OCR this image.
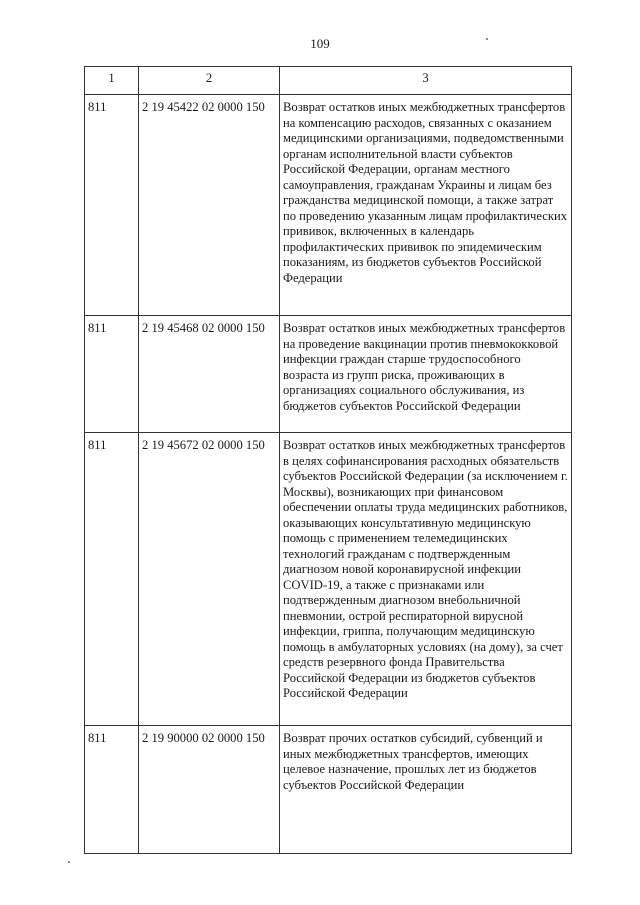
109
1	2	3
811	2 19 45422 02 0000 150	Возврат остатков иных межбюджетных трансфертов на компенсацию расходов, связанных с оказанием медицинскими организациями, подведомственными органам исполнительной власти субъектов Российской Федерации, органам местного самоуправления, гражданам Украины и лицам без гражданства медицинской помощи, а также затрат по проведению указанным лицам профилактических прививок, включенных в календарь профилактических прививок по эпидемическим показаниям, из бюджетов субъектов Российской Федерации
811	2 19 45468 02 0000 150	Возврат остатков иных межбюджетных трансфертов на проведение вакцинации против пневмококковой инфекции граждан старше трудоспособного возраста из групп риска, проживающих в организациях социального обслуживания, из бюджетов субъектов Российской Федерации
811	2 19 45672 02 0000 150	Возврат остатков иных межбюджетных трансфертов в целях софинансирования расходных обязательств субъектов Российской Федерации (за исключением г. Москвы), возникающих при финансовом обеспечении оплаты труда медицинских работников, оказывающих консультативную медицинскую помощь с применением телемедицинских технологий гражданам с подтвержденным диагнозом новой коронавирусной инфекции COVID-19, а также с признаками или подтвержденным диагнозом внебольничной пневмонии, острой респираторной вирусной инфекции, гриппа, получающим медицинскую помощь в амбулаторных условиях (на дому), за счет средств резервного фонда Правительства Российской Федерации из бюджетов субъектов Российской Федерации
811	2 19 90000 02 0000 150	Возврат прочих остатков субсидий, субвенций и иных межбюджетных трансфертов, имеющих целевое назначение, прошлых лет из бюджетов субъектов Российской Федерации
